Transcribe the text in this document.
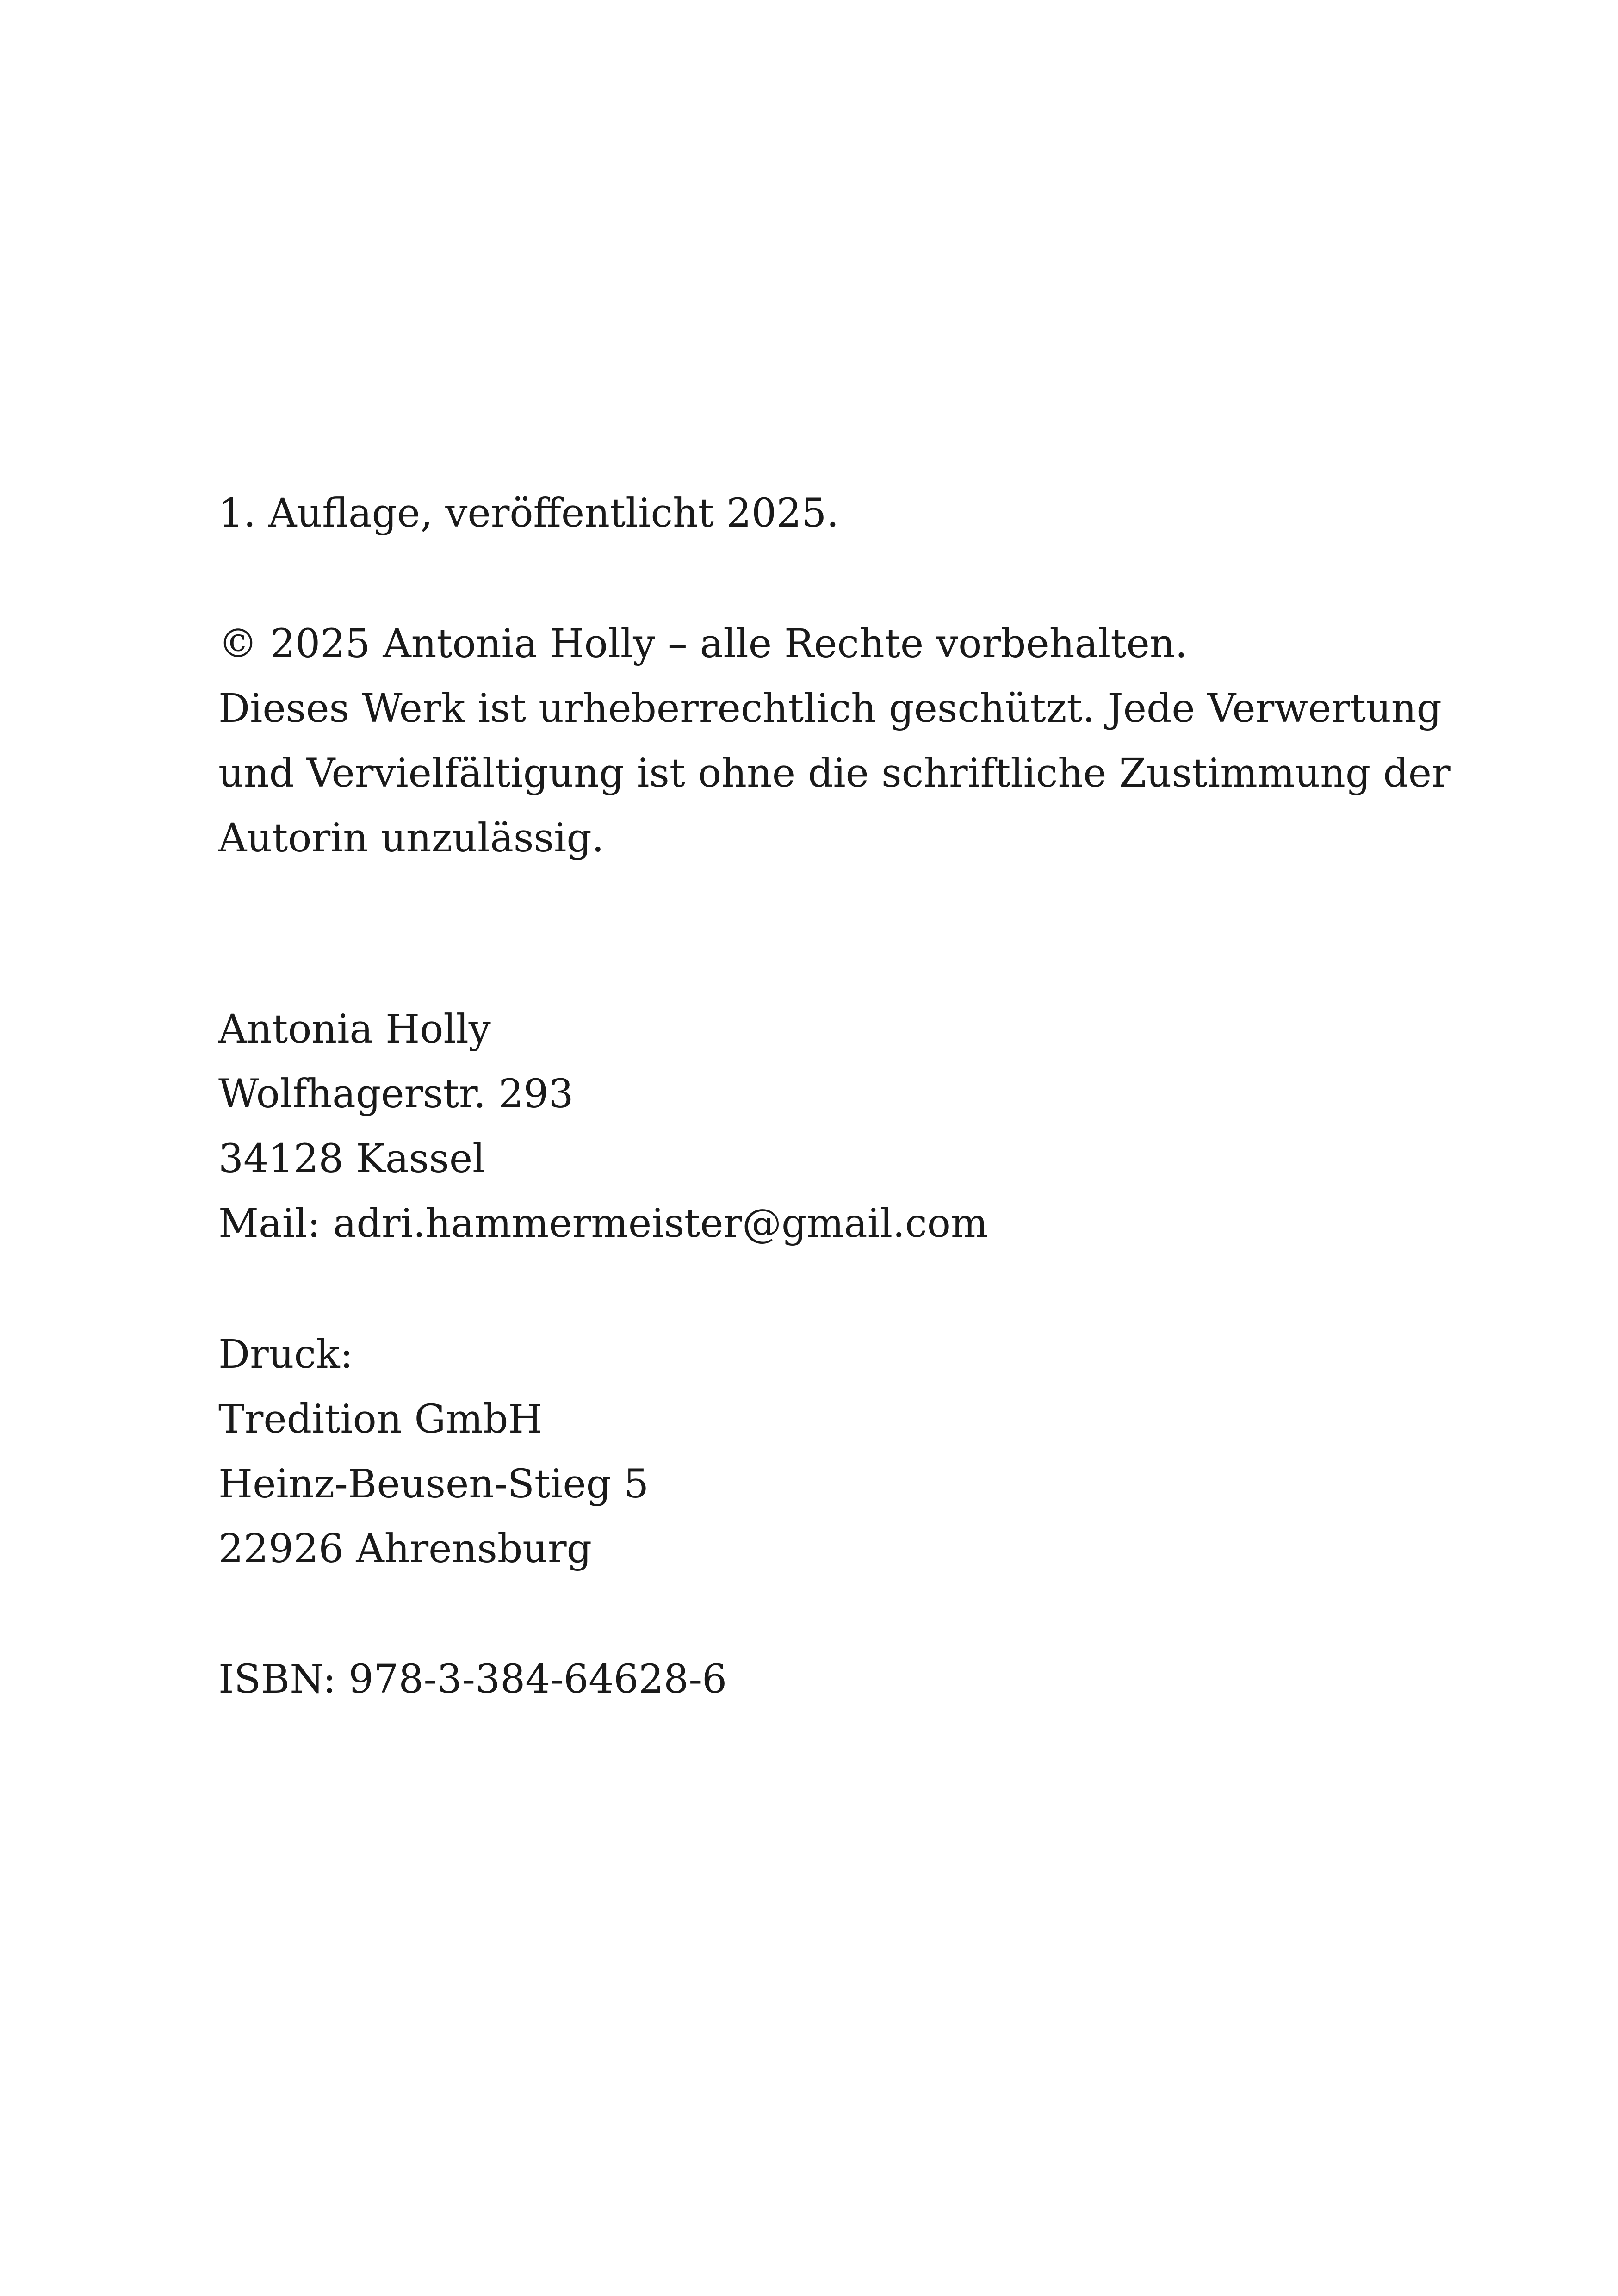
1. Auflage, veröffentlicht 2025.

© 2025 Antonia Holly – alle Rechte vorbehalten.
Dieses Werk ist urheberrechtlich geschützt. Jede Verwertung
und Vervielfältigung ist ohne die schriftliche Zustimmung der
Autorin unzulässig.

Antonia Holly
Wolfhagerstr. 293
34128 Kassel
Mail: adri.hammermeister@gmail.com

Druck:
Tredition GmbH
Heinz-Beusen-Stieg 5
22926 Ahrensburg

ISBN: 978-3-384-64628-6
